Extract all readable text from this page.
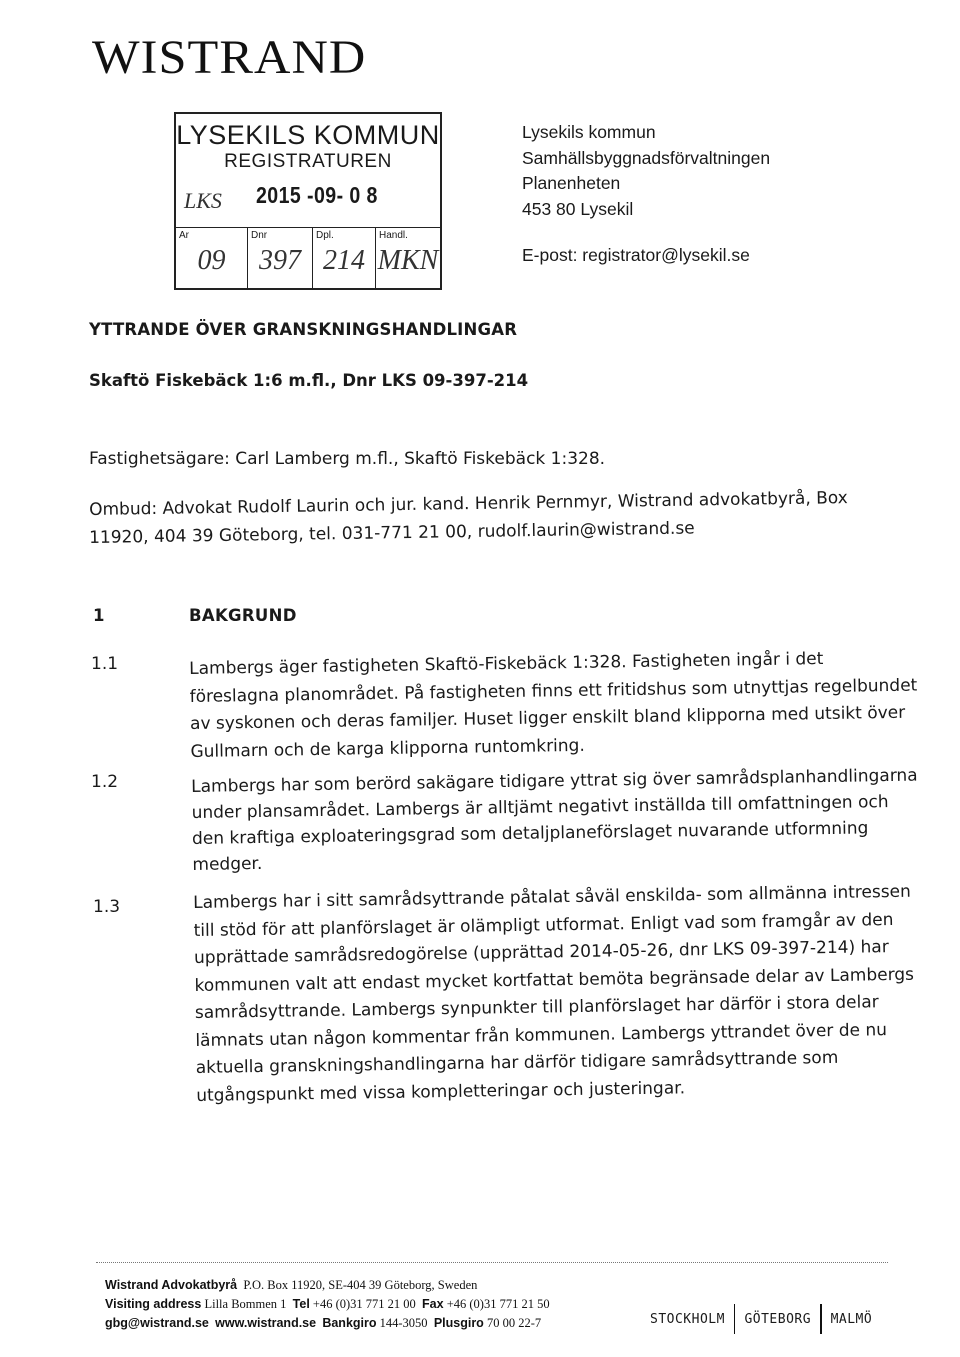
WISTRAND
LYSEKILS KOMMUN
REGISTRATUREN
LKS 2015 -09- 0 8
Ar
09
Dnr
397
Dpl.
214
Handl.
MKN
Lysekils kommun
Samhällsbyggnadsförvaltningen
Planenheten
453 80 Lysekil
E-post: registrator@lysekil.se
YTTRANDE ÖVER GRANSKNINGSHANDLINGAR
Skaftö Fiskebäck 1:6 m.fl., Dnr LKS 09-397-214
Fastighetsägare: Carl Lamberg m.fl., Skaftö Fiskebäck 1:328.
Ombud: Advokat Rudolf Laurin och jur. kand. Henrik Pernmyr, Wistrand advokatbyrå, Box
11920, 404 39 Göteborg, tel. 031-771 21 00, rudolf.laurin@wistrand.se
1	BAKGRUND
1.1	Lambergs äger fastigheten Skaftö-Fiskebäck 1:328. Fastigheten ingår i det
föreslagna planområdet. På fastigheten finns ett fritidshus som utnyttjas regelbundet
av syskonen och deras familjer. Huset ligger enskilt bland klipporna med utsikt över
Gullmarn och de karga klipporna runtomkring.
1.2	Lambergs har som berörd sakägare tidigare yttrat sig över samrådsplanhandlingarna
under plansamrådet. Lambergs är alltjämt negativt inställda till omfattningen och
den kraftiga exploateringsgrad som detaljplaneförslaget nuvarande utformning
medger.
1.3	Lambergs har i sitt samrådsyttrande påtalat såväl enskilda- som allmänna intressen
till stöd för att planförslaget är olämpligt utformat. Enligt vad som framgår av den
upprättade samrådsredogörelse (upprättad 2014-05-26, dnr LKS 09-397-214) har
kommunen valt att endast mycket kortfattat bemöta begränsade delar av Lambergs
samrådsyttrande. Lambergs synpunkter till planförslaget har därför i stora delar
lämnats utan någon kommentar från kommunen. Lambergs yttrandet över de nu
aktuella granskningshandlingarna har därför tidigare samrådsyttrande som
utgångspunkt med vissa kompletteringar och justeringar.
Wistrand Advokatbyrå P.O. Box 11920, SE-404 39 Göteborg, Sweden
Visiting address Lilla Bommen 1 Tel +46 (0)31 771 21 00 Fax +46 (0)31 771 21 50
gbg@wistrand.se www.wistrand.se Bankgiro 144-3050 Plusgiro 70 00 22-7	STOCKHOLM GÖTEBORG MALMÖ
